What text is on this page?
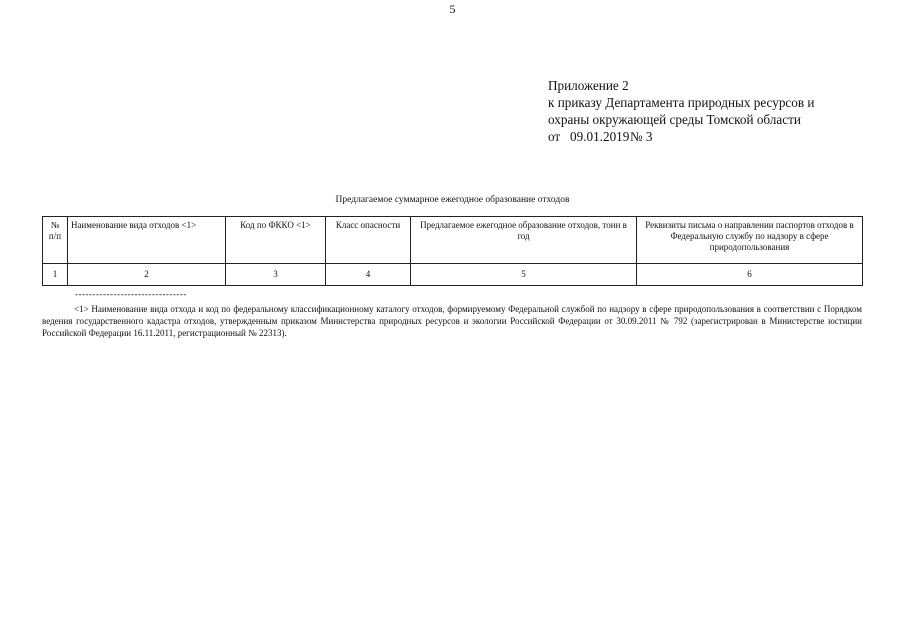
5
Приложение 2
к приказу Департамента природных ресурсов и
охраны окружающей среды Томской области
от 09.01.2019№ 3
Предлагаемое суммарное ежегодное образование отходов
№ п/п	Наименование вида отходов <1>	Код по ФККО <1>	Класс опасности	Предлагаемое ежегодное образование отходов, тонн в год	Реквизиты письма о направлении паспортов отходов в Федеральную службу по надзору в сфере природопользования
1	2	3	4	5	6
--------------------------------
<1> Наименование вида отхода и код по федеральному классификационному каталогу отходов, формируемому Федеральной службой по надзору в сфере природопользования в соответствии с Порядком ведения государственного кадастра отходов, утвержденным приказом Министерства природных ресурсов и экологии Российской Федерации от 30.09.2011 № 792 (зарегистрирован в Министерстве юстиции Российской Федерации 16.11.2011, регистрационный № 22313).
